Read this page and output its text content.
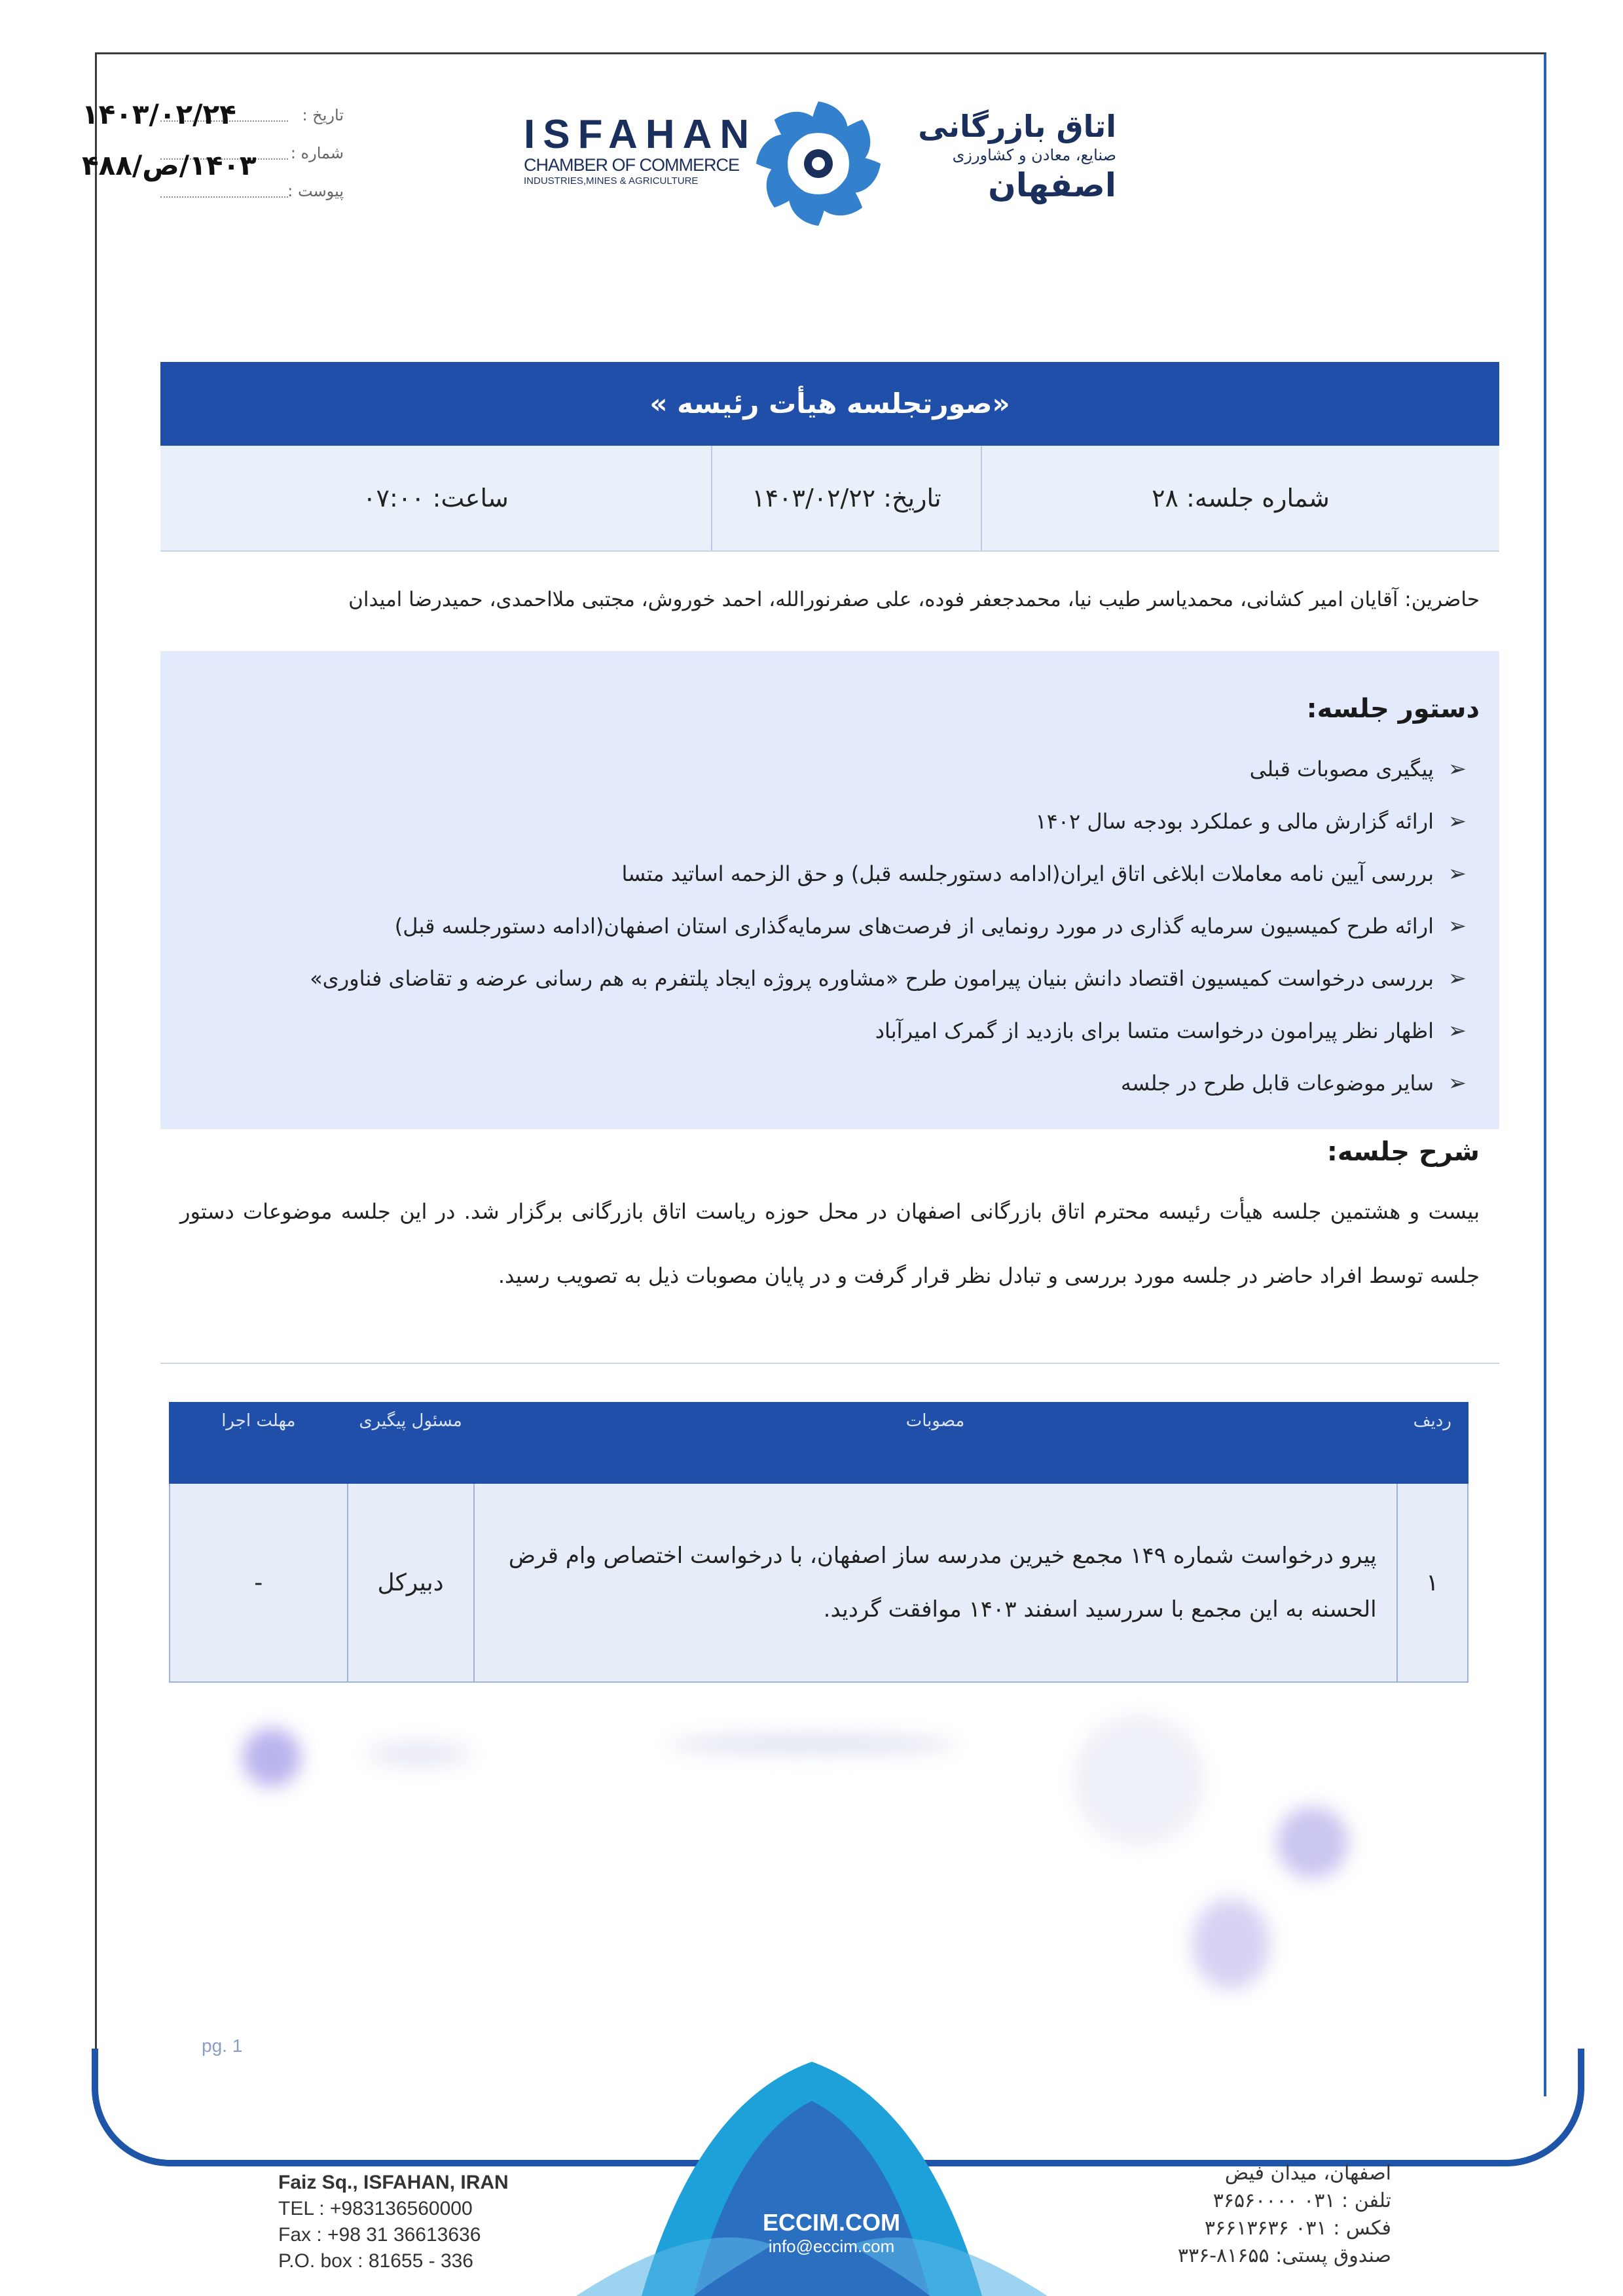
تاریخ :
۱۴۰۳/۰۲/۲۴
شماره :
۱۴۰۳/ص/۴۸۸
پیوست :
ISFAHAN
CHAMBER OF COMMERCE
INDUSTRIES,MINES & AGRICULTURE
اتاق بازرگانی
صنایع، معادن و کشاورزی
اصفهان
«صورتجلسه هیأت رئیسه »
شماره جلسه: ۲۸
تاریخ: ۱۴۰۳/۰۲/۲۲
ساعت: ۰۷:۰۰
حاضرین: آقایان امیر کشانی، محمدیاسر طیب نیا، محمدجعفر فوده، علی صفرنورالله، احمد خوروش، مجتبی ملااحمدی، حمیدرضا امیدان
دستور جلسه:
➢
پیگیری مصوبات قبلی
➢
ارائه گزارش مالی و عملکرد بودجه سال ۱۴۰۲
➢
بررسی آیین نامه معاملات ابلاغی اتاق ایران(ادامه دستورجلسه قبل) و حق الزحمه اساتید متسا
➢
ارائه طرح کمیسیون سرمایه گذاری در مورد رونمایی از فرصت‌های سرمایه‌گذاری استان اصفهان(ادامه دستورجلسه قبل)
➢
بررسی درخواست کمیسیون اقتصاد دانش بنیان پیرامون طرح «مشاوره پروژه ایجاد پلتفرم به هم رسانی عرضه و تقاضای فناوری»
➢
اظهار نظر پیرامون درخواست متسا برای بازدید از گمرک امیرآباد
➢
سایر موضوعات قابل طرح در جلسه
شرح جلسه:

بیست و هشتمین جلسه هیأت رئیسه محترم اتاق بازرگانی اصفهان در محل حوزه ریاست اتاق بازرگانی برگزار شد. در این جلسه موضوعات دستور جلسه توسط افراد حاضر در جلسه مورد بررسی و تبادل نظر قرار گرفت و در پایان مصوبات ذیل به تصویب رسید.

ردیف	مصوبات	مسئول پیگیری	مهلت اجرا
۱	پیرو درخواست شماره ۱۴۹ مجمع خیرین مدرسه ساز اصفهان، با درخواست اختصاص وام قرض الحسنه به این مجمع با سررسید اسفند ۱۴۰۳ موافقت گردید.	دبیرکل	-
pg. 1
ECCIM.COM
info@eccim.com
Faiz Sq., ISFAHAN, IRAN
TEL : +983136560000
Fax : +98 31 36613636
P.O. box : 81655 - 336
اصفهان، میدان فیض
تلفن : ۰۳۱ ۳۶۵۶۰۰۰۰
فکس : ۰۳۱ ۳۶۶۱۳۶۳۶
صندوق پستی: ۸۱۶۵۵-۳۳۶
